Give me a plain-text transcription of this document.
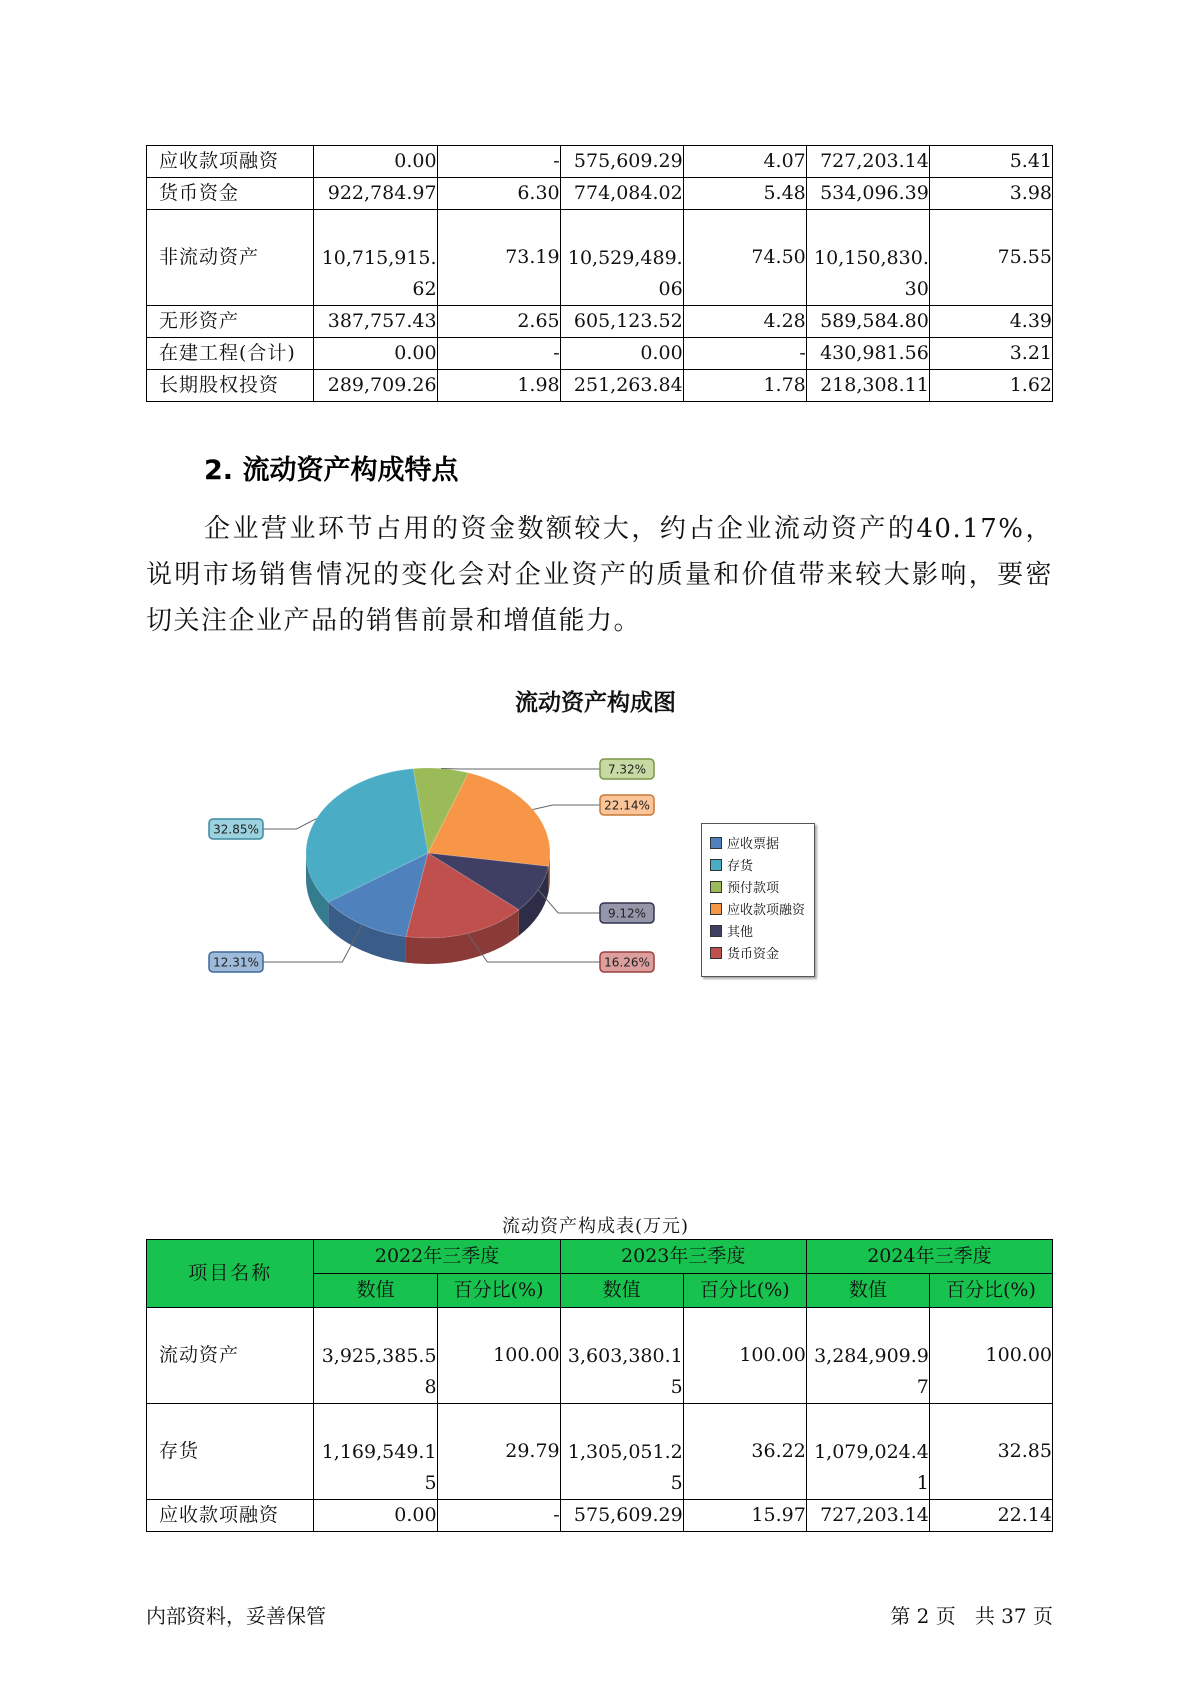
应收款项融资	0.00	-	575,609.29	4.07	727,203.14	5.41
货币资金	922,784.97	6.30	774,084.02	5.48	534,096.39	3.98
非流动资产	10,715,915.62	73.19	10,529,489.06	74.50	10,150,830.30	75.55
无形资产	387,757.43	2.65	605,123.52	4.28	589,584.80	4.39
在建工程(合计)	0.00	-	0.00	-	430,981.56	3.21
长期股权投资	289,709.26	1.98	251,263.84	1.78	218,308.11	1.62
2. 流动资产构成特点
企业营业环节占用的资金数额较大，约占企业流动资产的40.17%，说明市场销售情况的变化会对企业资产的质量和价值带来较大影响，要密切关注企业产品的销售前景和增值能力。
流动资产构成图
7.32%
22.14%
9.12%
16.26%
12.31%
32.85%
应收票据
存货
预付款项
应收款项融资
其他
货币资金
流动资产构成表(万元)
项目名称	2022年三季度		2023年三季度		2024年三季度	
	数值	百分比(%)	数值	百分比(%)	数值	百分比(%)
流动资产	3,925,385.58	100.00	3,603,380.15	100.00	3,284,909.97	100.00
存货	1,169,549.15	29.79	1,305,051.25	36.22	1,079,024.41	32.85
应收款项融资	0.00	-	575,609.29	15.97	727,203.14	22.14
内部资料，妥善保管	第 2 页   共 37 页
